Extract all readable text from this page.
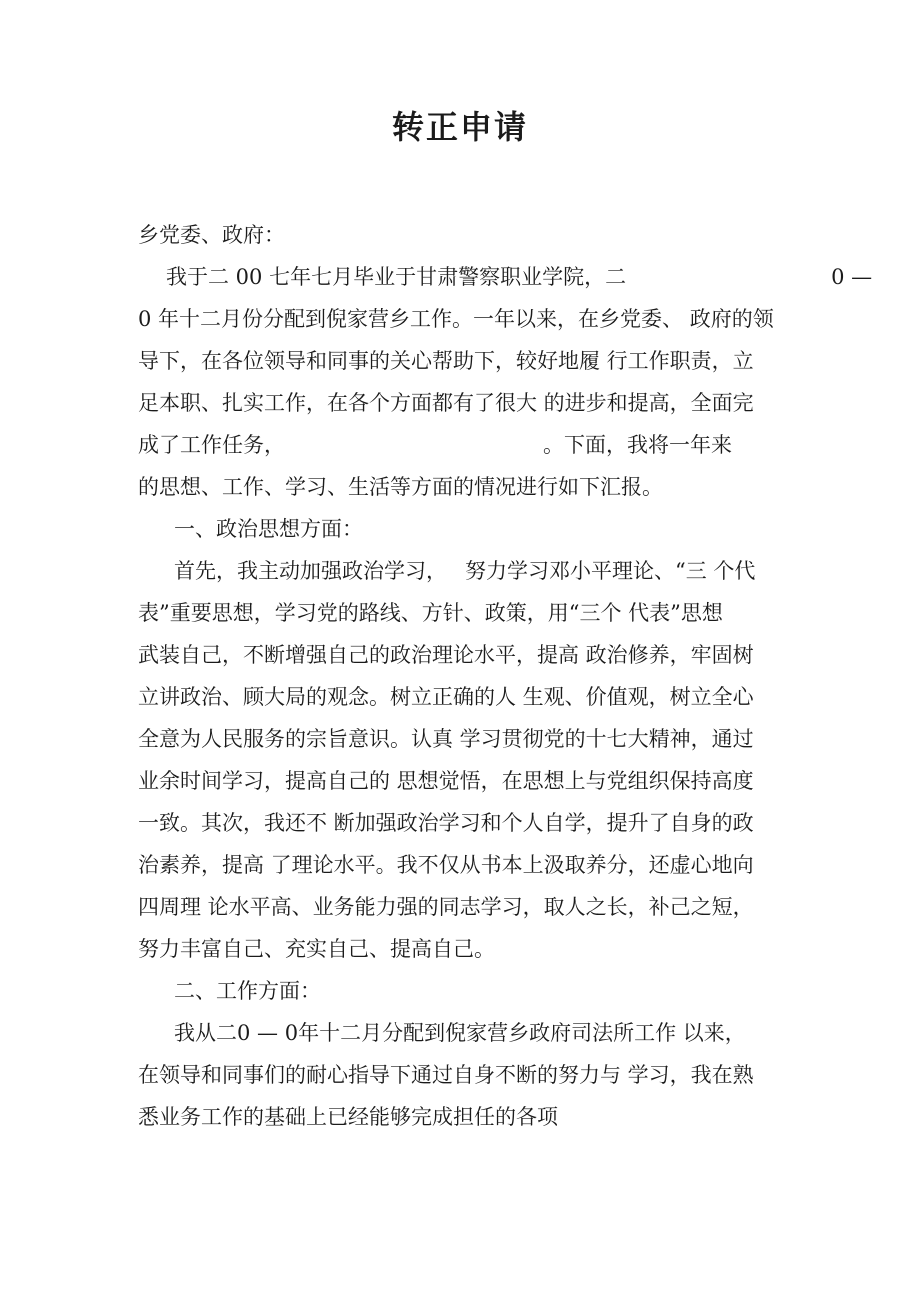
转正申请
乡党委、政府：
我于二 00 七年七月毕业于甘肃警察职业学院，二	0 —
0 年十二月份分配到倪家营乡工作。一年以来，在乡党委、 政府的领
导下，在各位领导和同事的关心帮助下，较好地履 行工作职责，立
足本职、扎实工作，在各个方面都有了很大 的进步和提高，全面完
成了工作任务，	。下面，我将一年来
的思想、工作、学习、生活等方面的情况进行如下汇报。
一、政治思想方面：
首先，我主动加强政治学习， 努力学习邓小平理论、“三 个代
表”重要思想，学习党的路线、方针、政策，用“三个 代表”思想
武装自己，不断增强自己的政治理论水平，提高 政治修养，牢固树
立讲政治、顾大局的观念。树立正确的人 生观、价值观，树立全心
全意为人民服务的宗旨意识。认真 学习贯彻党的十七大精神，通过
业余时间学习，提高自己的 思想觉悟，在思想上与党组织保持高度
一致。其次，我还不 断加强政治学习和个人自学，提升了自身的政
治素养，提高 了理论水平。我不仅从书本上汲取养分，还虚心地向
四周理 论水平高、业务能力强的同志学习，取人之长，补己之短，
努力丰富自己、充实自己、提高自己。
二、工作方面：
我从二0 — 0年十二月分配到倪家营乡政府司法所工作 以来，
在领导和同事们的耐心指导下通过自身不断的努力与 学习，我在熟
悉业务工作的基础上已经能够完成担任的各项
